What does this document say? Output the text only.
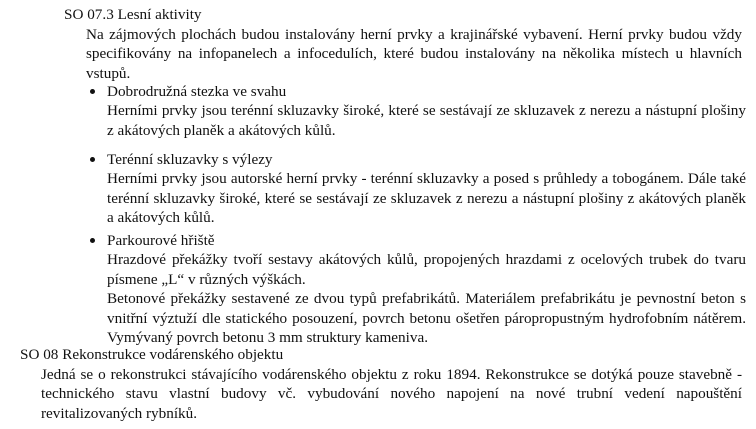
SO 07.3 Lesní aktivity
Na zájmových plochách budou instalovány herní prvky a krajinářské vybavení. Herní prvky budou vždy specifikovány na infopanelech a infocedulích, které budou instalovány na několika místech u hlavních vstupů.
Dobrodružná stezka ve svahu

Herními prvky jsou terénní skluzavky široké, které se sestávají ze skluzavek z nerezu a nástupní plošiny z akátových planěk a akátových kůlů.

Terénní skluzavky s výlezy

Herními prvky jsou autorské herní prvky - terénní skluzavky a posed s průhledy a tobogánem. Dále také terénní skluzavky široké, které se sestávají ze skluzavek z nerezu a nástupní plošiny z akátových planěk a akátových kůlů.

Parkourové hřiště

Hrazdové překážky tvoří sestavy akátových kůlů, propojených hrazdami z ocelových trubek do tvaru písmene „L“ v různých výškách.

Betonové překážky sestavené ze dvou typů prefabrikátů. Materiálem prefabrikátu je pevnostní beton s vnitřní výztuží dle statického posouzení, povrch betonu ošetřen páropropustným hydrofobním nátěrem. Vymývaný povrch betonu 3 mm struktury kameniva.

SO 08 Rekonstrukce vodárenského objektu
Jedná se o rekonstrukci stávajícího vodárenského objektu z roku 1894. Rekonstrukce se dotýká pouze stavebně - technického stavu vlastní budovy vč. vybudování nového napojení na nové trubní vedení napouštění revitalizovaných rybníků.
